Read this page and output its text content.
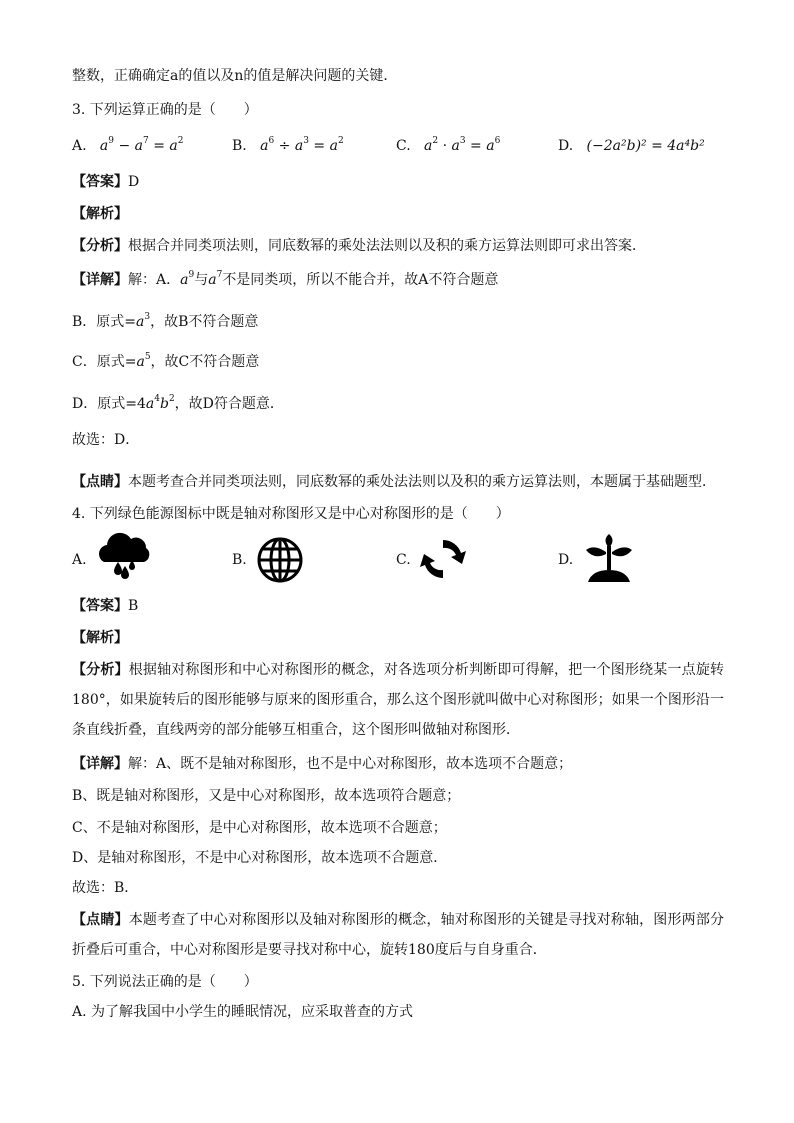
整数，正确确定a的值以及n的值是解决问题的关键．
3. 下列运算正确的是（　　）
A. $a^9 - a^7 = a^2$	B. $a^6 \div a^3 = a^2$	C. $a^2 \cdot a^3 = a^6$	D. (−2a²b)² = 4a⁴b²
【答案】D
【解析】
【分析】根据合并同类项法则，同底数幂的乘处法法则以及积的乘方运算法则即可求出答案．
【详解】解：A．$a^9$与$a^7$不是同类项，所以不能合并，故A不符合题意
B．原式$=a^3$，故B不符合题意
C．原式$=a^5$，故C不符合题意
D．原式$=4a^4b^2$，故D符合题意．
故选：D．
【点睛】本题考查合并同类项法则，同底数幂的乘处法法则以及积的乘方运算法则，本题属于基础题型．
4. 下列绿色能源图标中既是轴对称图形又是中心对称图形的是（　　）
A.	B.	C.	D.
【答案】B
【解析】
【分析】根据轴对称图形和中心对称图形的概念，对各选项分析判断即可得解，把一个图形绕某一点旋转180°，如果旋转后的图形能够与原来的图形重合，那么这个图形就叫做中心对称图形；如果一个图形沿一条直线折叠，直线两旁的部分能够互相重合，这个图形叫做轴对称图形．
【详解】解：A、既不是轴对称图形，也不是中心对称图形，故本选项不合题意；
B、既是轴对称图形，又是中心对称图形，故本选项符合题意；
C、不是轴对称图形，是中心对称图形，故本选项不合题意；
D、是轴对称图形，不是中心对称图形，故本选项不合题意．
故选：B．
【点睛】本题考查了中心对称图形以及轴对称图形的概念，轴对称图形的关键是寻找对称轴，图形两部分折叠后可重合，中心对称图形是要寻找对称中心，旋转180度后与自身重合．
5. 下列说法正确的是（　　）
A. 为了解我国中小学生的睡眠情况，应采取普查的方式
